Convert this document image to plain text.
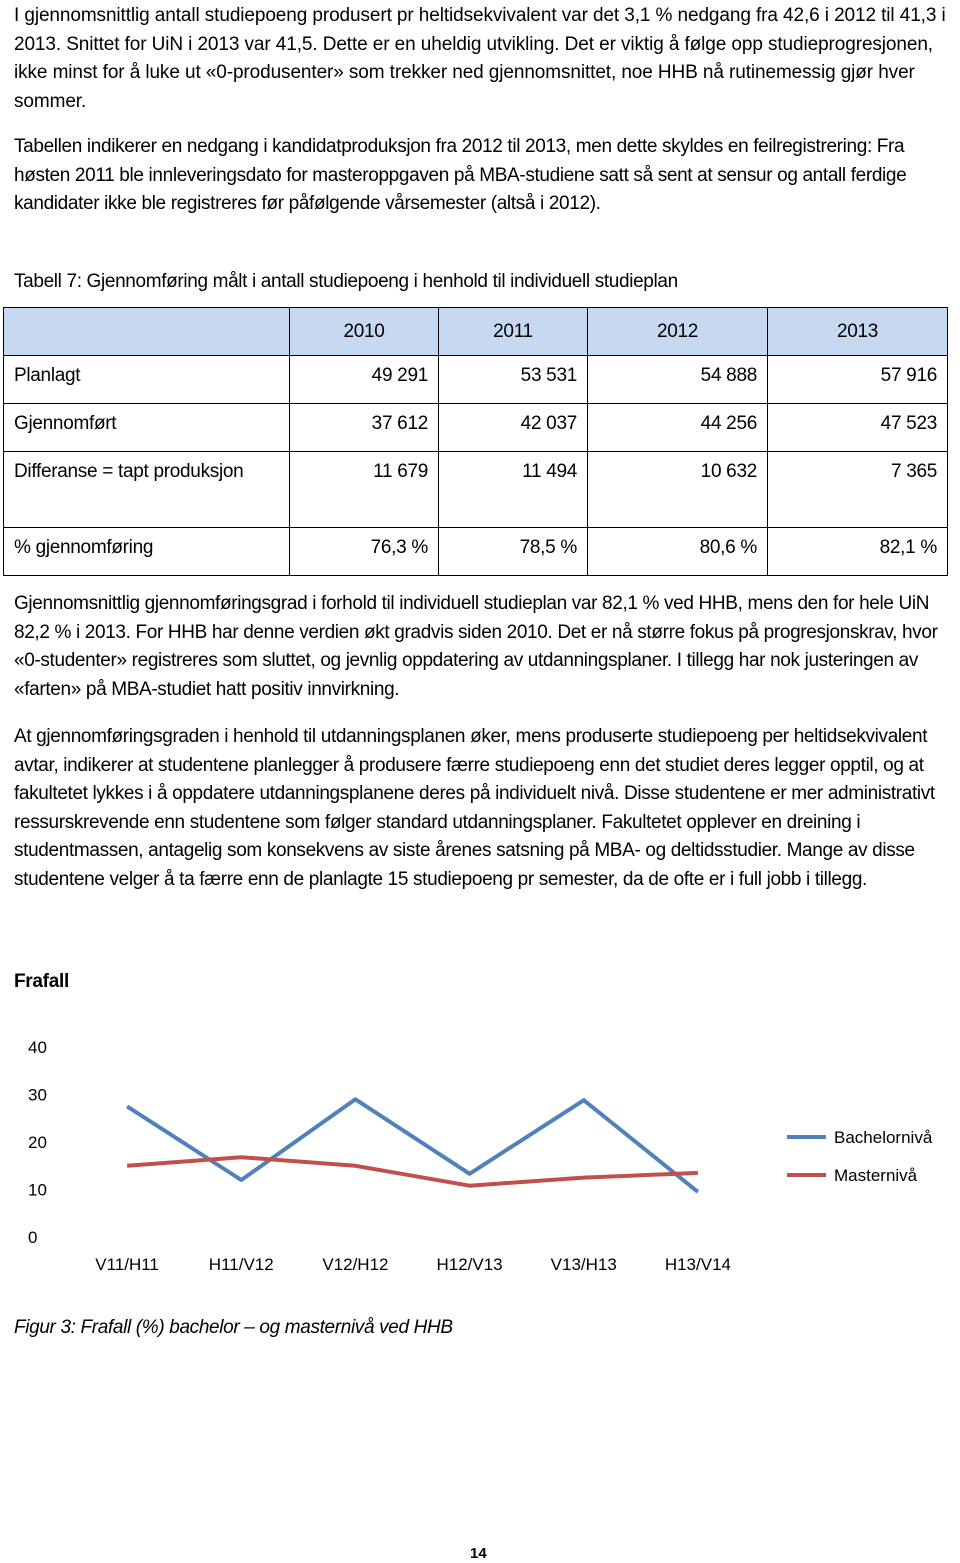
I gjennomsnittlig antall studiepoeng produsert pr heltidsekvivalent var det 3,1 % nedgang fra 42,6 i 2012 til 41,3 i 2013. Snittet for UiN i 2013 var 41,5. Dette er en uheldig utvikling. Det er viktig å følge opp studieprogresjonen, ikke minst for å luke ut «0-produsenter» som trekker ned gjennomsnittet, noe HHB nå rutinemessig gjør hver sommer.

Tabellen indikerer en nedgang i kandidatproduksjon fra 2012 til 2013, men dette skyldes en feilregistrering: Fra høsten 2011 ble innleveringsdato for masteroppgaven på MBA-studiene satt så sent at sensur og antall ferdige kandidater ikke ble registreres før påfølgende vårsemester (altså i 2012).

Tabell 7: Gjennomføring målt i antall studiepoeng i henhold til individuell studieplan

	2010	2011	2012	2013
Planlagt	49 291	53 531	54 888	57 916
Gjennomført	37 612	42 037	44 256	47 523
Differanse = tapt produksjon	11 679	11 494	10 632	7 365
% gjennomføring	76,3 %	78,5 %	80,6 %	82,1 %

Gjennomsnittlig gjennomføringsgrad i forhold til individuell studieplan var 82,1 % ved HHB, mens den for hele UiN 82,2 % i 2013. For HHB har denne verdien økt gradvis siden 2010. Det er nå større fokus på progresjonskrav, hvor «0-studenter» registreres som sluttet, og jevnlig oppdatering av utdanningsplaner. I tillegg har nok justeringen av «farten» på MBA-studiet hatt positiv innvirkning.

At gjennomføringsgraden i henhold til utdanningsplanen øker, mens produserte studiepoeng per heltidsekvivalent avtar, indikerer at studentene planlegger å produsere færre studiepoeng enn det studiet deres legger opptil, og at fakultetet lykkes i å oppdatere utdanningsplanene deres på individuelt nivå. Disse studentene er mer administrativt ressurskrevende enn studentene som følger standard utdanningsplaner. Fakultetet opplever en dreining i studentmassen, antagelig som konsekvens av siste årenes satsning på MBA- og deltidsstudier. Mange av disse studentene velger å ta færre enn de planlagte 15 studiepoeng pr semester, da de ofte er i full jobb i tillegg.

Frafall
0
10
20
30
40
V11/H11	H11/V12	V12/H12	H12/V13	V13/H13	H13/V14
Bachelornivå
Masternivå
Figur 3: Frafall (%) bachelor – og masternivå ved HHB
14
